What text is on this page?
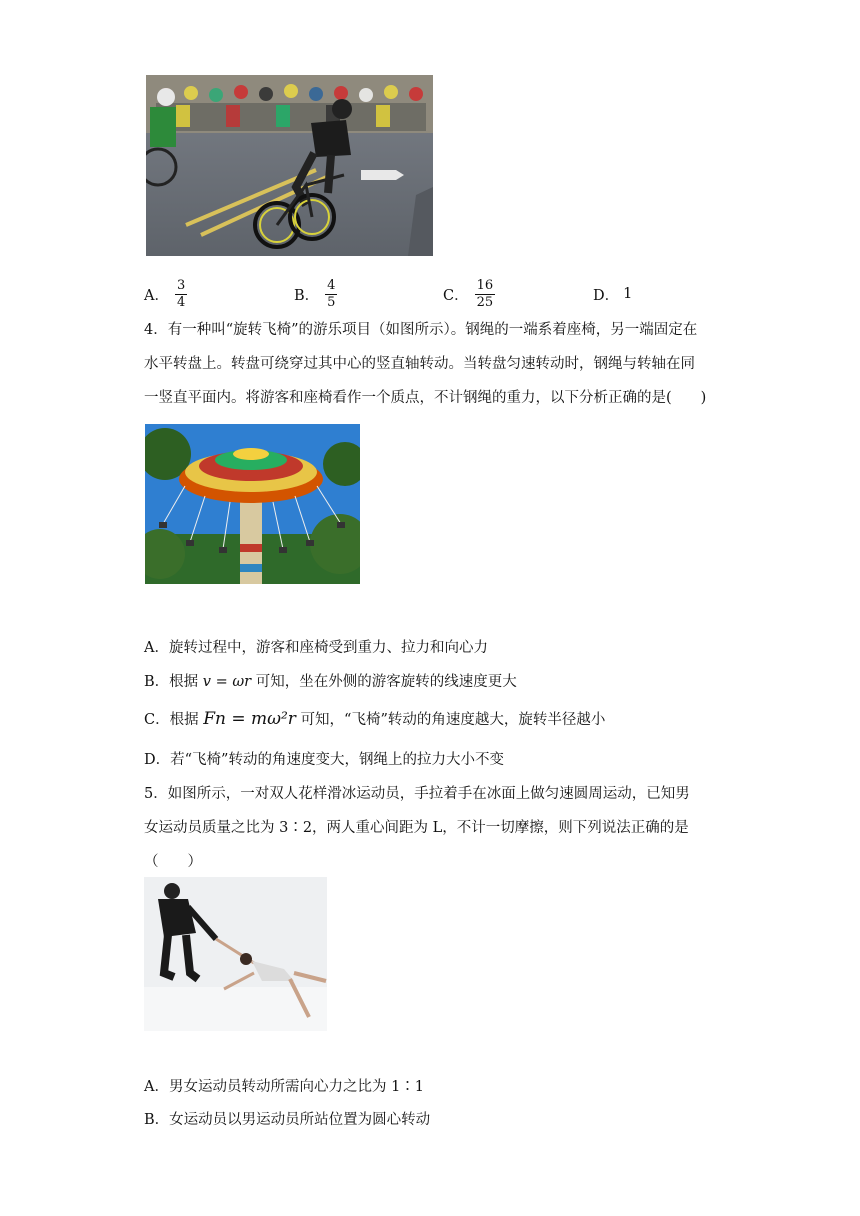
A． $\frac{3}{4}$	B． $\frac{4}{5}$	C． $\frac{16}{25}$	D． 1
4．有一种叫“旋转飞椅”的游乐项目（如图所示）。钢绳的一端系着座椅，另一端固定在
水平转盘上。转盘可绕穿过其中心的竖直轴转动。当转盘匀速转动时，钢绳与转轴在同
一竖直平面内。将游客和座椅看作一个质点，不计钢绳的重力，以下分析正确的是(　　)
A．旋转过程中，游客和座椅受到重力、拉力和向心力
B．根据 v = ωr 可知，坐在外侧的游客旋转的线速度更大
C．根据 Fn = mω²r 可知，“飞椅”转动的角速度越大，旋转半径越小
D．若“飞椅”转动的角速度变大，钢绳上的拉力大小不变
5．如图所示，一对双人花样滑冰运动员，手拉着手在冰面上做匀速圆周运动，已知男
女运动员质量之比为 3∶2，两人重心间距为 L，不计一切摩擦，则下列说法正确的是
（　　）
A．男女运动员转动所需向心力之比为 1∶1
B．女运动员以男运动员所站位置为圆心转动
